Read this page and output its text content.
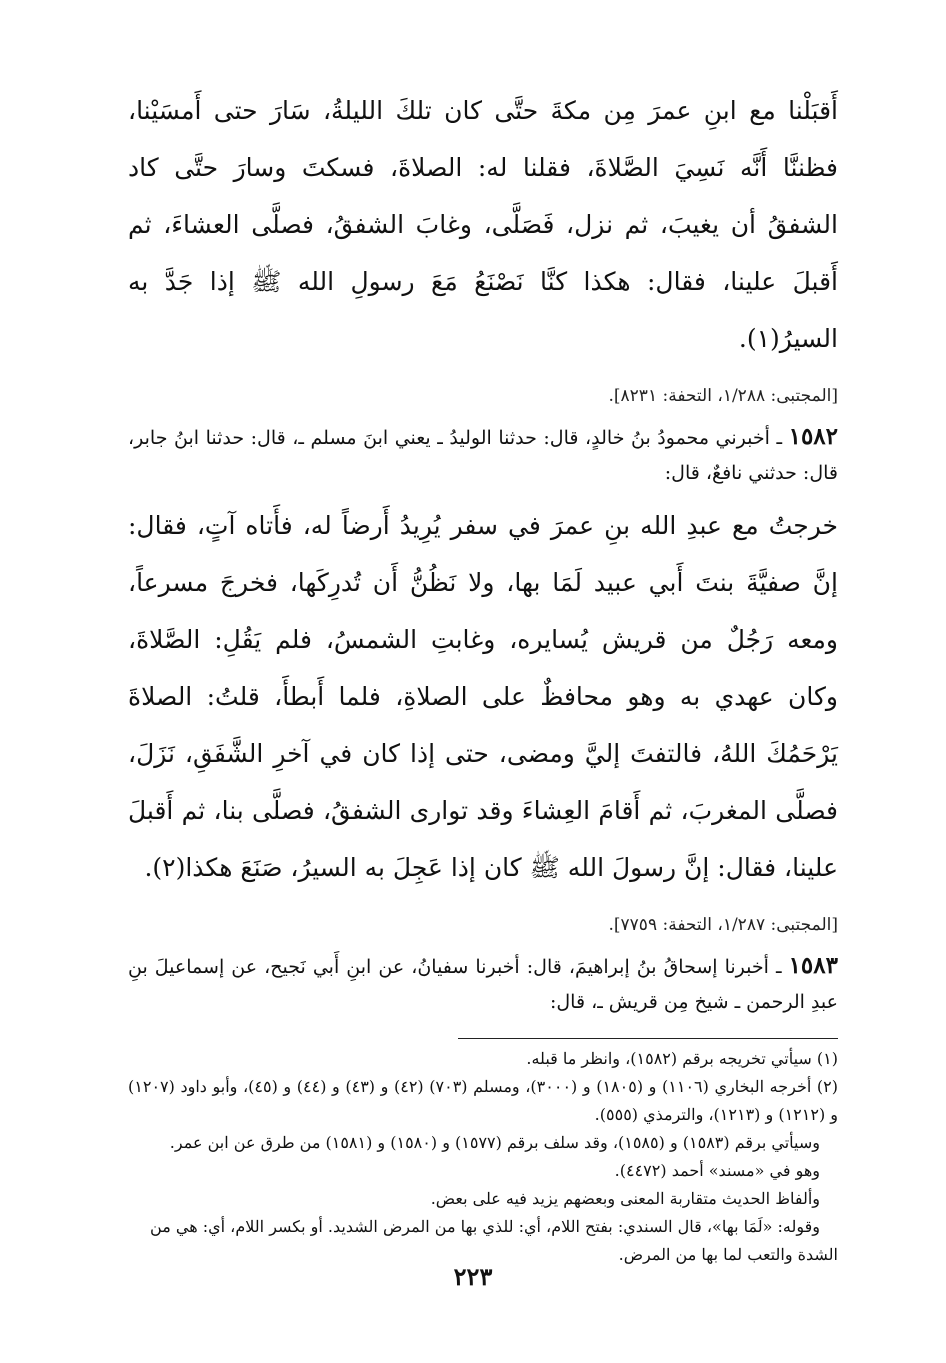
أَقبَلْنا مع ابنِ عمرَ مِن مكةَ حتَّى كان تلكَ الليلةُ، سَارَ حتى أَمسَيْنا، فظننَّا أَنَّه نَسِيَ الصَّلاةَ، فقلنا له: الصلاةَ، فسكتَ وسارَ حتَّى كاد الشفقُ أن يغيبَ، ثم نزل، فَصَلَّى، وغابَ الشفقُ، فصلَّى العشاءَ، ثم أَقبلَ علينا، فقال: هكذا كنَّا نَصْنَعُ مَعَ رسولِ الله ﷺ إذا جَدَّ به السيرُ(١).

[المجتبى: ١/٢٨٨، التحفة: ٨٢٣١].

١٥٨٢ ـ أخبرني محمودُ بنُ خالدٍ، قال: حدثنا الوليدُ ـ يعني ابنَ مسلم ـ، قال: حدثنا ابنُ جابر، قال: حدثني نافعٌ، قال:

خرجتُ مع عبدِ الله بنِ عمرَ في سفر يُرِيدُ أَرضاً له، فأَتاه آتٍ، فقال: إنَّ صفيَّةَ بنتَ أَبي عبيد لَمَا بها، ولا نَظُنُّ أَن تُدرِكَها، فخرجَ مسرعاً، ومعه رَجُلٌ من قريش يُسايره، وغابتِ الشمسُ، فلم يَقُلِ: الصَّلاةَ، وكان عهدي به وهو محافظٌ على الصلاةِ، فلما أَبطأَ، قلتُ: الصلاةَ يَرْحَمُكَ اللهُ، فالتفتَ إليَّ ومضى، حتى إذا كان في آخرِ الشَّفَقِ، نَزَلَ، فصلَّى المغربَ، ثم أَقامَ العِشاءَ وقد توارى الشفقُ، فصلَّى بنا، ثم أَقبلَ علينا، فقال: إنَّ رسولَ الله ﷺ كان إذا عَجِلَ به السيرُ، صَنَعَ هكذا(٢).

[المجتبى: ١/٢٨٧، التحفة: ٧٧٥٩].

١٥٨٣ ـ أخبرنا إسحاقُ بنُ إبراهيمَ، قال: أخبرنا سفيانُ، عن ابنِ أَبي نَجيح، عن إسماعيلَ بنِ عبدِ الرحمن ـ شيخ مِن قريش ـ، قال:

(١) سيأتي تخريجه برقم (١٥٨٢)، وانظر ما قبله.

(٢) أخرجه البخاري (١١٠٦) و (١٨٠٥) و (٣٠٠٠)، ومسلم (٧٠٣) (٤٢) و (٤٣) و (٤٤) و (٤٥)، وأبو داود (١٢٠٧) و (١٢١٢) و (١٢١٣)، والترمذي (٥٥٥).

وسيأتي برقم (١٥٨٣) و (١٥٨٥)، وقد سلف برقم (١٥٧٧) و (١٥٨٠) و (١٥٨١) من طرق عن ابن عمر.

وهو في «مسند» أحمد (٤٤٧٢).

وألفاظ الحديث متقاربة المعنى وبعضهم يزيد فيه على بعض.

وقوله: «لَمَا بها»، قال السندي: بفتح اللام، أي: للذي بها من المرض الشديد. أو بكسر اللام، أي: هي من الشدة والتعب لما بها من المرض.

٢٢٣
